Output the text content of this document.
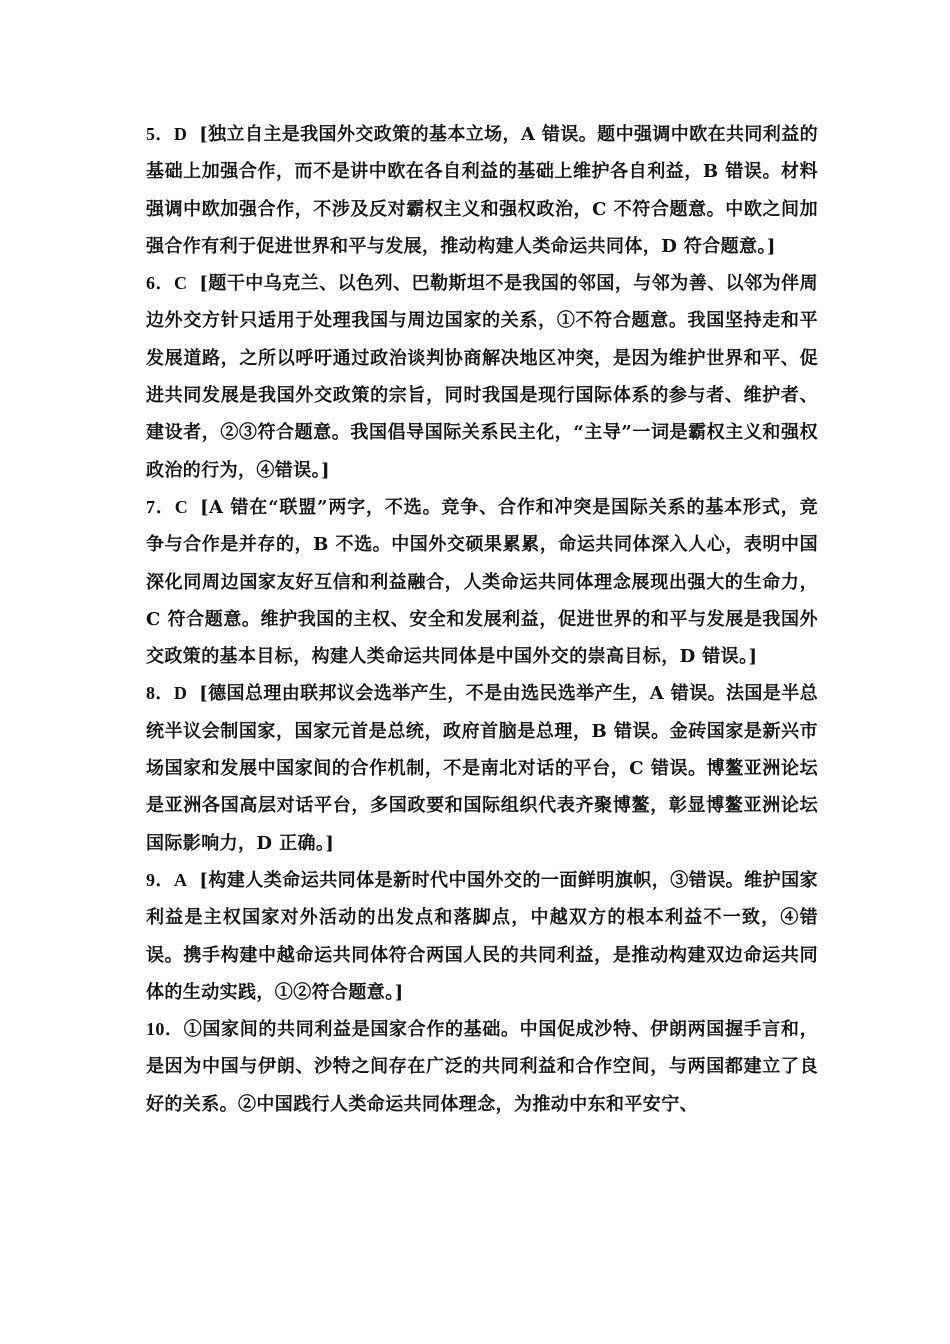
5．D [独立自主是我国外交政策的基本立场，A 错误。题中强调中欧在共同利益的基础上加强合作，而不是讲中欧在各自利益的基础上维护各自利益，B 错误。材料强调中欧加强合作，不涉及反对霸权主义和强权政治，C 不符合题意。中欧之间加强合作有利于促进世界和平与发展，推动构建人类命运共同体，D 符合题意。]

6．C [题干中乌克兰、以色列、巴勒斯坦不是我国的邻国，与邻为善、以邻为伴周边外交方针只适用于处理我国与周边国家的关系，①不符合题意。我国坚持走和平发展道路，之所以呼吁通过政治谈判协商解决地区冲突，是因为维护世界和平、促进共同发展是我国外交政策的宗旨，同时我国是现行国际体系的参与者、维护者、建设者，②③符合题意。我国倡导国际关系民主化，“主导”一词是霸权主义和强权政治的行为，④错误。]

7．C [A 错在“联盟”两字，不选。竞争、合作和冲突是国际关系的基本形式，竞争与合作是并存的，B 不选。中国外交硕果累累，命运共同体深入人心，表明中国深化同周边国家友好互信和利益融合，人类命运共同体理念展现出强大的生命力，C 符合题意。维护我国的主权、安全和发展利益，促进世界的和平与发展是我国外交政策的基本目标，构建人类命运共同体是中国外交的崇高目标，D 错误。]

8．D [德国总理由联邦议会选举产生，不是由选民选举产生，A 错误。法国是半总统半议会制国家，国家元首是总统，政府首脑是总理，B 错误。金砖国家是新兴市场国家和发展中国家间的合作机制，不是南北对话的平台，C 错误。博鳌亚洲论坛是亚洲各国高层对话平台，多国政要和国际组织代表齐聚博鳌，彰显博鳌亚洲论坛国际影响力，D 正确。]

9．A [构建人类命运共同体是新时代中国外交的一面鲜明旗帜，③错误。维护国家利益是主权国家对外活动的出发点和落脚点，中越双方的根本利益不一致，④错误。携手构建中越命运共同体符合两国人民的共同利益，是推动构建双边命运共同体的生动实践，①②符合题意。]

10．①国家间的共同利益是国家合作的基础。中国促成沙特、伊朗两国握手言和，是因为中国与伊朗、沙特之间存在广泛的共同利益和合作空间，与两国都建立了良好的关系。②中国践行人类命运共同体理念，为推动中东和平安宁、
